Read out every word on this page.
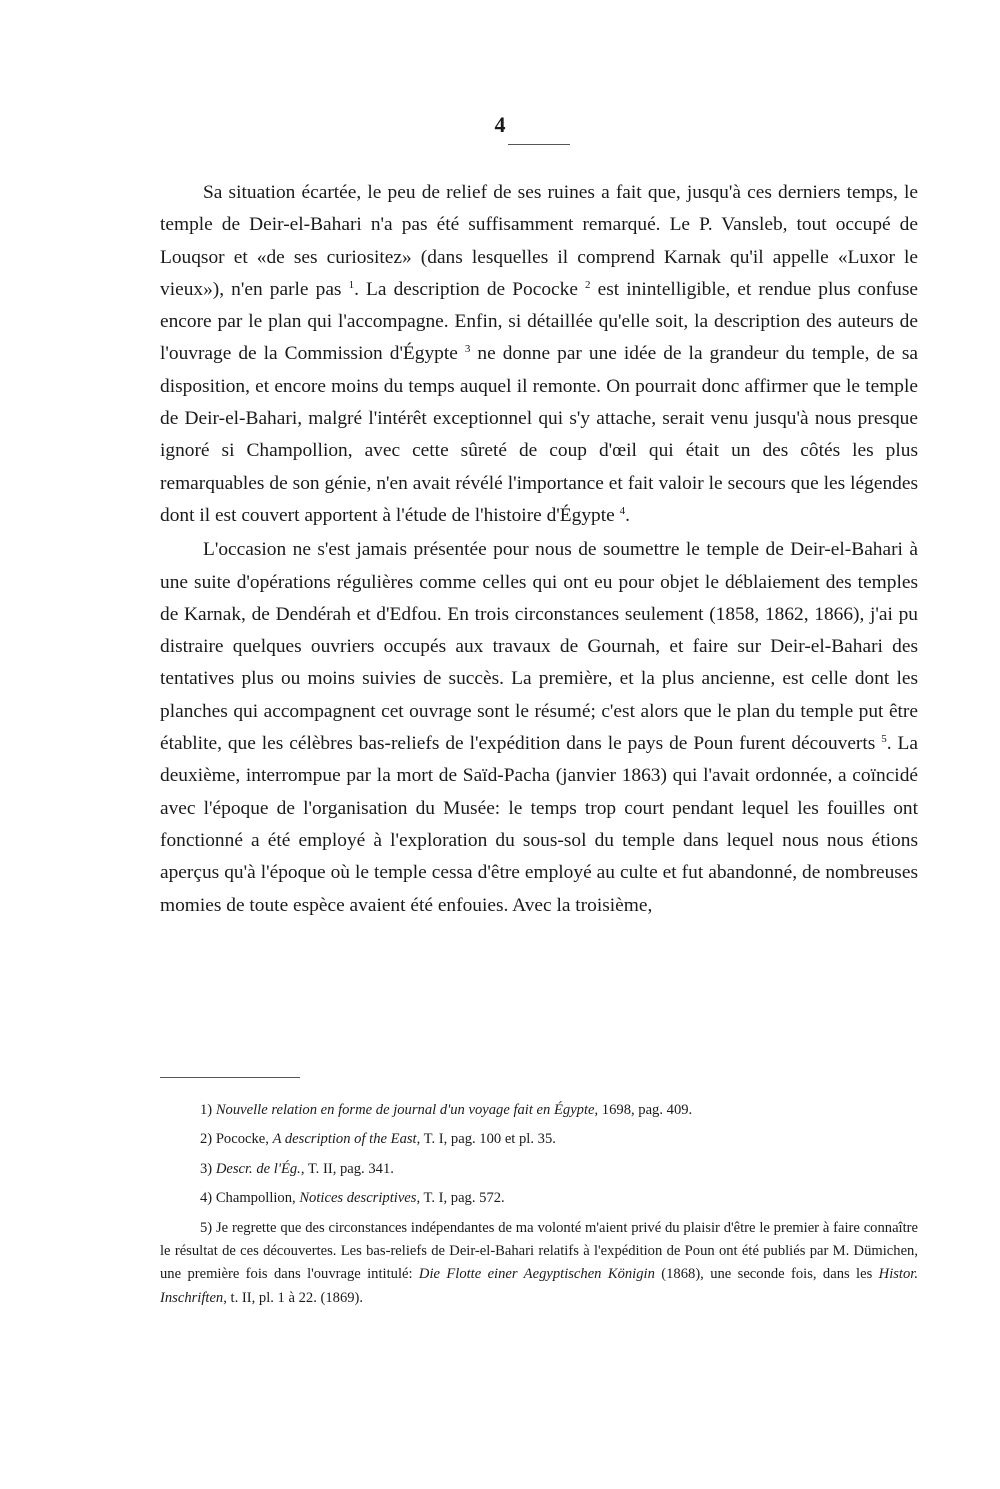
4

Sa situation écartée, le peu de relief de ses ruines a fait que, jusqu'à ces derniers temps, le temple de Deir-el-Bahari n'a pas été suffisamment remarqué. Le P. Vansleb, tout occupé de Louqsor et «de ses curiositez» (dans lesquelles il comprend Karnak qu'il appelle «Luxor le vieux»), n'en parle pas $^1$. La description de Pococke $^2$ est inintelligible, et rendue plus confuse encore par le plan qui l'accompagne. Enfin, si détaillée qu'elle soit, la description des auteurs de l'ouvrage de la Commission d'Égypte $^3$ ne donne par une idée de la grandeur du temple, de sa disposition, et encore moins du temps auquel il remonte. On pourrait donc affirmer que le temple de Deir-el-Bahari, malgré l'intérêt exceptionnel qui s'y attache, serait venu jusqu'à nous presque ignoré si Champollion, avec cette sûreté de coup d'œil qui était un des côtés les plus remarquables de son génie, n'en avait révélé l'importance et fait valoir le secours que les légendes dont il est couvert apportent à l'étude de l'histoire d'Égypte $^4$.

L'occasion ne s'est jamais présentée pour nous de soumettre le temple de Deir-el-Bahari à une suite d'opérations régulières comme celles qui ont eu pour objet le déblaiement des temples de Karnak, de Dendérah et d'Edfou. En trois circonstances seulement (1858, 1862, 1866), j'ai pu distraire quelques ouvriers occupés aux travaux de Gournah, et faire sur Deir-el-Bahari des tentatives plus ou moins suivies de succès. La première, et la plus ancienne, est celle dont les planches qui accompagnent cet ouvrage sont le résumé; c'est alors que le plan du temple put être établite, que les célèbres bas-reliefs de l'expédition dans le pays de Poun furent découverts $^5$. La deuxième, interrompue par la mort de Saïd-Pacha (janvier 1863) qui l'avait ordonnée, a coïncidé avec l'époque de l'organisation du Musée: le temps trop court pendant lequel les fouilles ont fonctionné a été employé à l'exploration du sous-sol du temple dans lequel nous nous étions aperçus qu'à l'époque où le temple cessa d'être employé au culte et fut abandonné, de nombreuses momies de toute espèce avaient été enfouies. Avec la troisième,

1) Nouvelle relation en forme de journal d'un voyage fait en Égypte, 1698, pag. 409.

2) Pococke, A description of the East, T. I, pag. 100 et pl. 35.

3) Descr. de l'Ég., T. II, pag. 341.

4) Champollion, Notices descriptives, T. I, pag. 572.

5) Je regrette que des circonstances indépendantes de ma volonté m'aient privé du plaisir d'être le premier à faire connaître le résultat de ces découvertes. Les bas-reliefs de Deir-el-Bahari relatifs à l'expédition de Poun ont été publiés par M. Dümichen, une première fois dans l'ouvrage intitulé: Die Flotte einer Aegyptischen Königin (1868), une seconde fois, dans les Histor. Inschriften, t. II, pl. 1 à 22. (1869).
